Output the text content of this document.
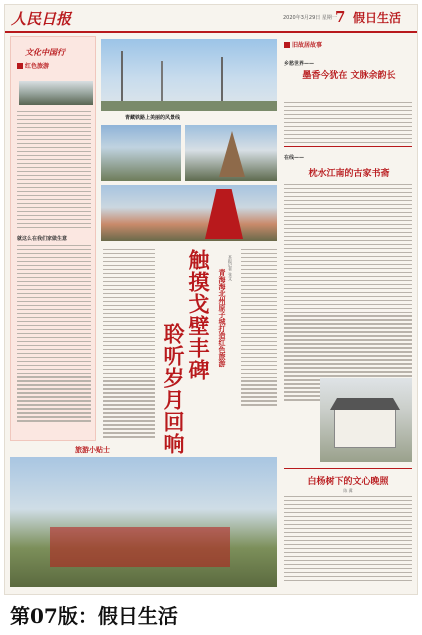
人民日报	2020年3月29日 星期一
7 假日生活
文化中国行
红色旅游
就这么在我们家做生意
青藏铁路上美丽的风景线
触摸戈壁丰碑
聆听岁月回响
青海海北州原子城打造红色旅游
本报记者 张文
旅游小贴士
旧故居故事
乡愁世界——
墨香今犹在 文脉余韵长
在线——
枕水江南的古家书斋
白杨树下的文心晚照
陈 冀
第07版：假日生活
